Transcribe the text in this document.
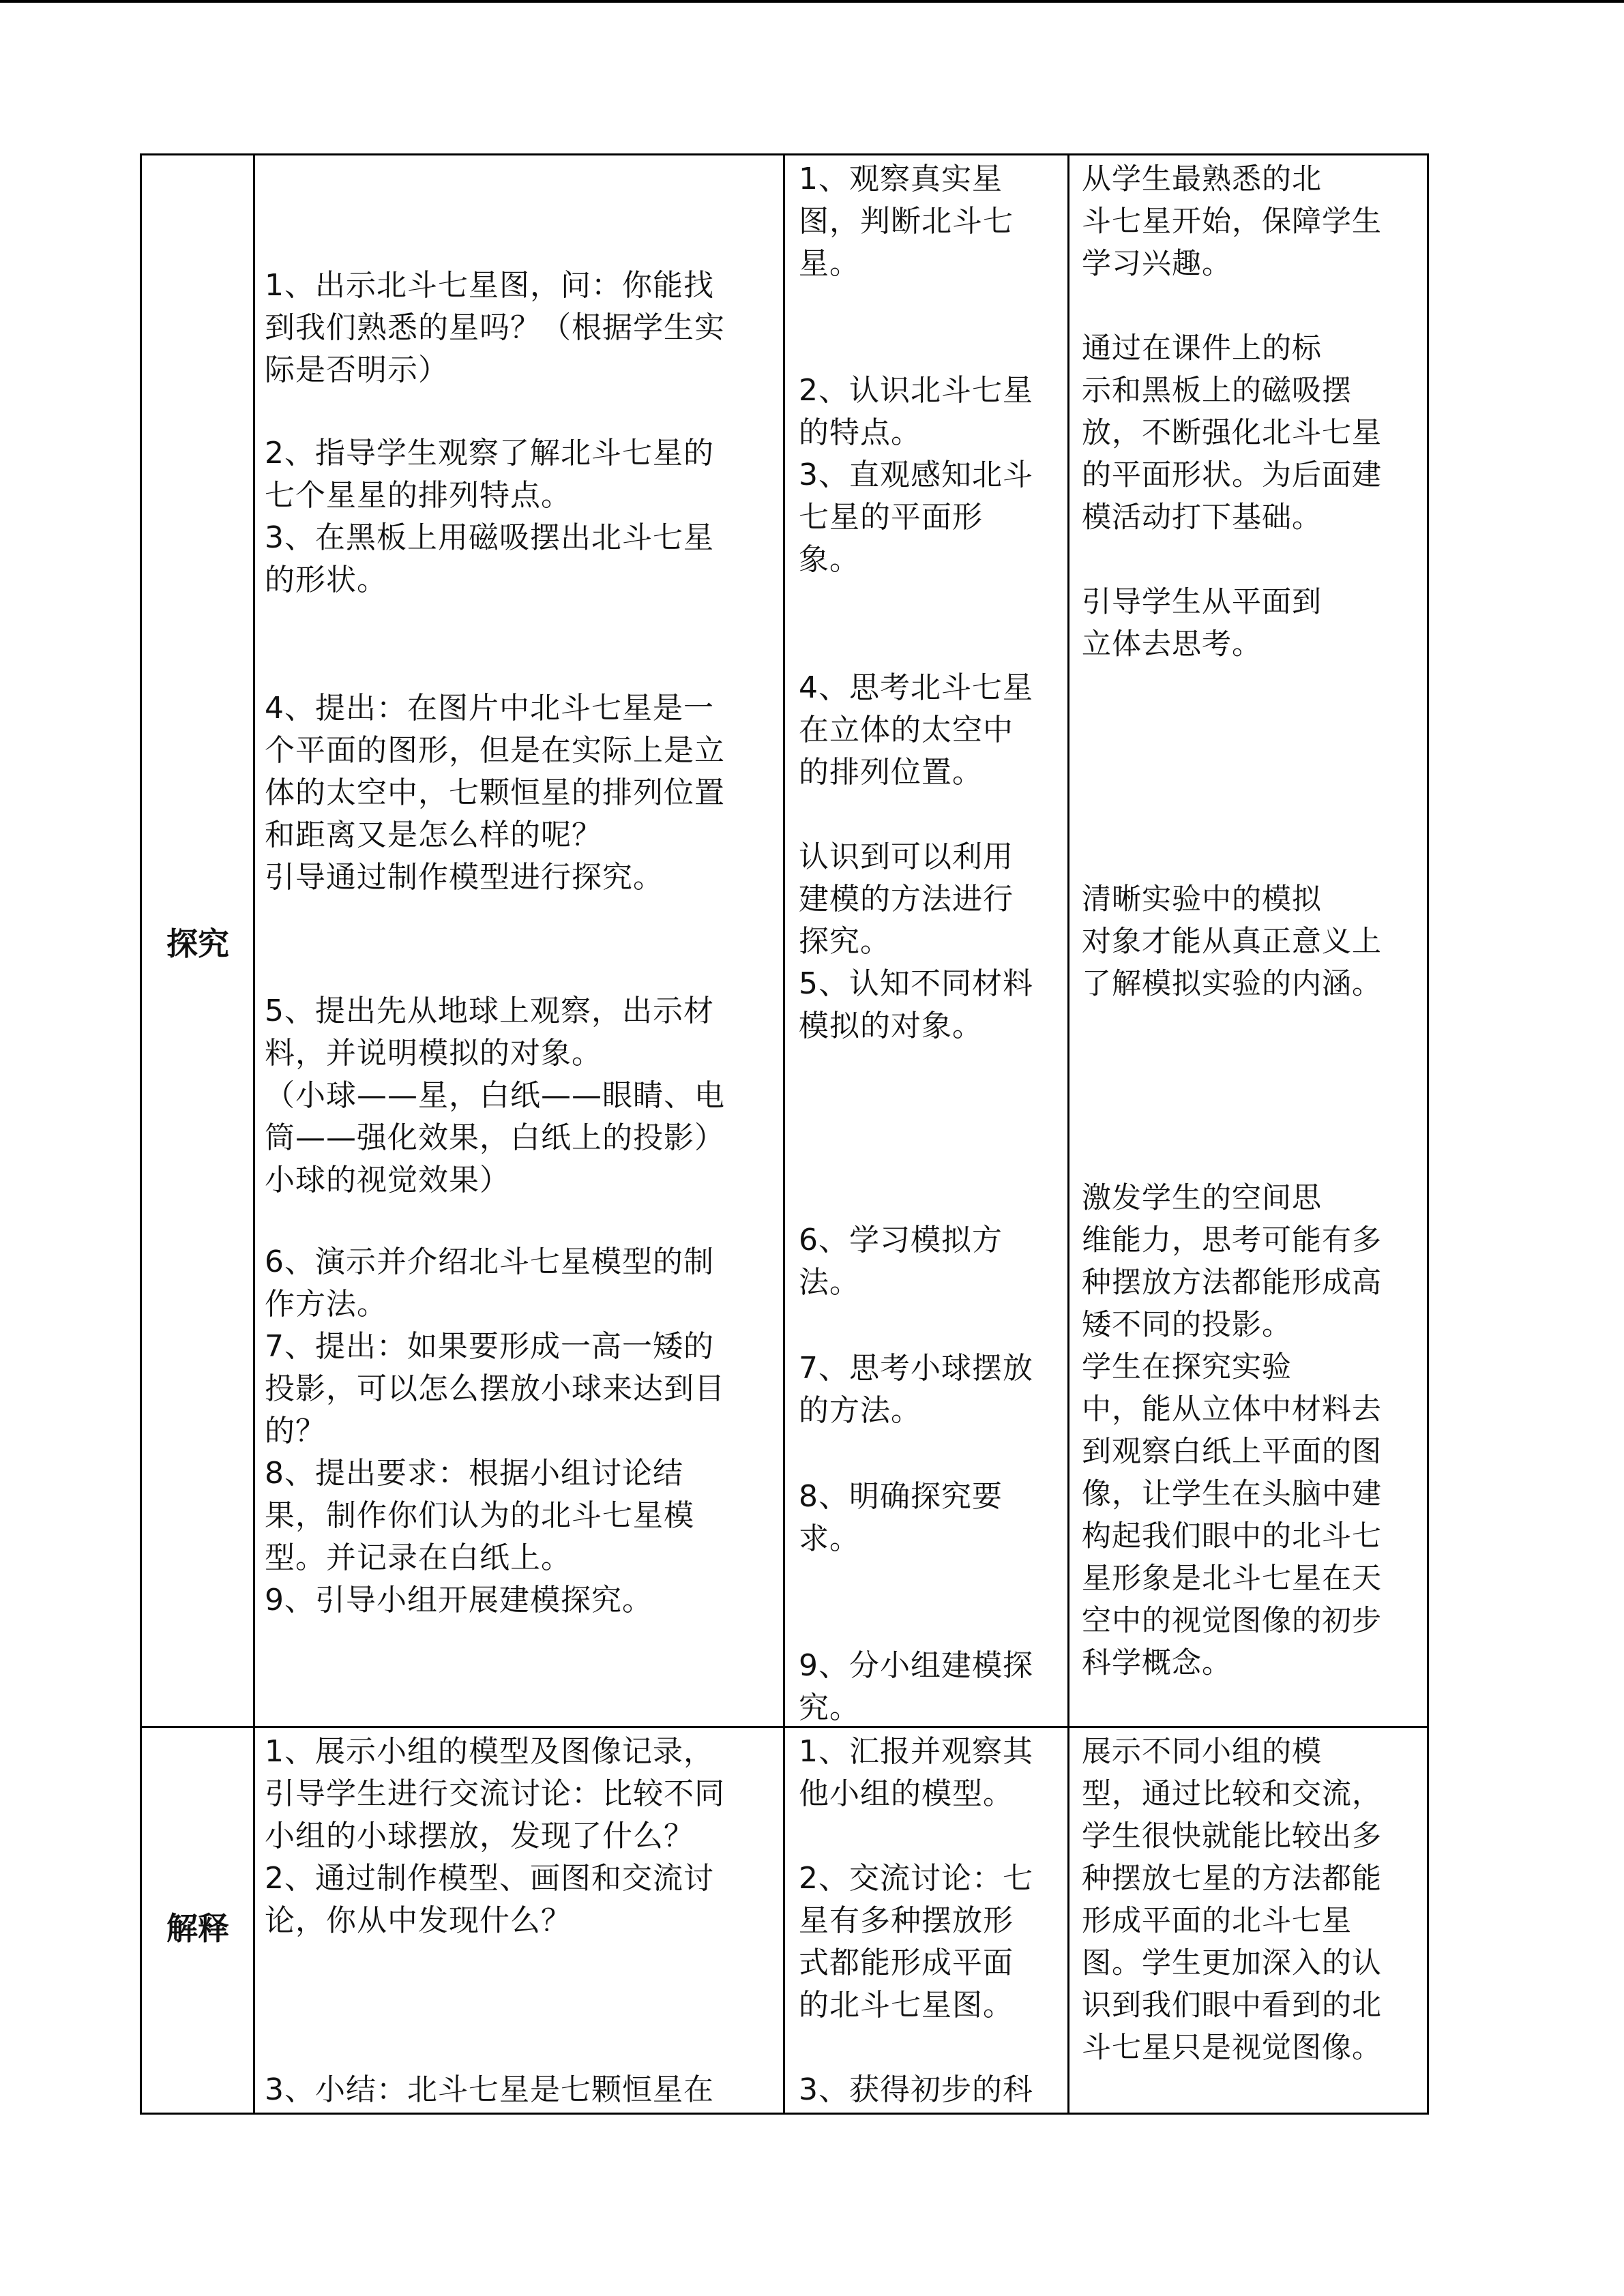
探究
1、出示北斗七星图，问：你能找
到我们熟悉的星吗？（根据学生实
际是否明示）
2、指导学生观察了解北斗七星的
七个星星的排列特点。
3、在黑板上用磁吸摆出北斗七星
的形状。
4、提出：在图片中北斗七星是一
个平面的图形，但是在实际上是立
体的太空中，七颗恒星的排列位置
和距离又是怎么样的呢？
引导通过制作模型进行探究。
5、提出先从地球上观察，出示材
料，并说明模拟的对象。
（小球——星，白纸——眼睛、电
筒——强化效果，白纸上的投影）
小球的视觉效果）
6、演示并介绍北斗七星模型的制
作方法。
7、提出：如果要形成一高一矮的
投影，可以怎么摆放小球来达到目
的？
8、提出要求：根据小组讨论结
果，制作你们认为的北斗七星模
型。并记录在白纸上。
9、引导小组开展建模探究。
1、观察真实星
图，判断北斗七
星。
2、认识北斗七星
的特点。
3、直观感知北斗
七星的平面形
象。
4、思考北斗七星
在立体的太空中
的排列位置。
认识到可以利用
建模的方法进行
探究。
5、认知不同材料
模拟的对象。
6、学习模拟方
法。
7、思考小球摆放
的方法。
8、明确探究要
求。
9、分小组建模探
究。
从学生最熟悉的北
斗七星开始，保障学生
学习兴趣。
通过在课件上的标
示和黑板上的磁吸摆
放，不断强化北斗七星
的平面形状。为后面建
模活动打下基础。
引导学生从平面到
立体去思考。
清晰实验中的模拟
对象才能从真正意义上
了解模拟实验的内涵。
激发学生的空间思
维能力，思考可能有多
种摆放方法都能形成高
矮不同的投影。
学生在探究实验
中，能从立体中材料去
到观察白纸上平面的图
像，让学生在头脑中建
构起我们眼中的北斗七
星形象是北斗七星在天
空中的视觉图像的初步
科学概念。
解释
1、展示小组的模型及图像记录，
引导学生进行交流讨论：比较不同
小组的小球摆放，发现了什么？
2、通过制作模型、画图和交流讨
论，你从中发现什么？
3、小结：北斗七星是七颗恒星在
1、汇报并观察其
他小组的模型。
2、交流讨论：七
星有多种摆放形
式都能形成平面
的北斗七星图。
3、获得初步的科
展示不同小组的模
型，通过比较和交流，
学生很快就能比较出多
种摆放七星的方法都能
形成平面的北斗七星
图。学生更加深入的认
识到我们眼中看到的北
斗七星只是视觉图像。
